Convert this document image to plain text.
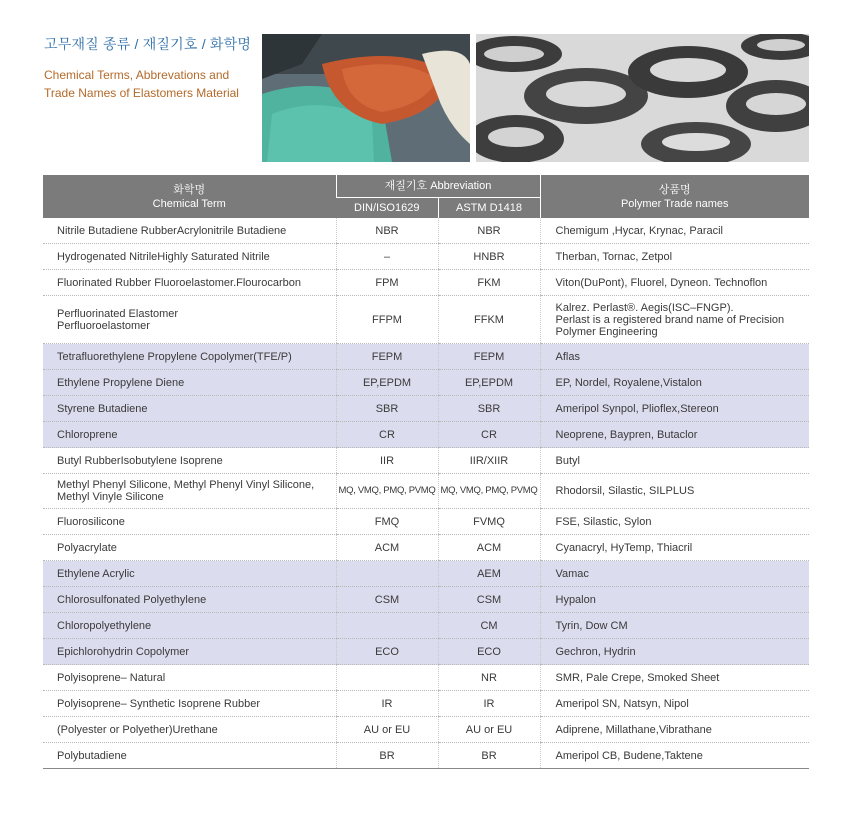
고무재질 종류 / 재질기호 / 화학명
Chemical Terms, Abbrevations and
Trade Names of Elastomers Material
화학명
Chemical Term	재질기호 Abbreviation		상품명
Polymer Trade names

	DIN/ISO1629	ASTM D1418	
Nitrile Butadiene RubberAcrylonitrile Butadiene	NBR	NBR	Chemigum ,Hycar, Krynac, Paracil
Hydrogenated NitrileHighly Saturated Nitrile	–	HNBR	Therban, Tornac, Zetpol
Fluorinated Rubber Fluoroelastomer.Flourocarbon	FPM	FKM	Viton(DuPont), Fluorel, Dyneon. Technoflon

Perfluorinated Elastomer
Perfluoroelastomer	FFPM	FFKM	Kalrez. Perlast®. Aegis(ISC–FNGP).
Perlast is a registered brand name of Precision
Polymer Engineering

Tetrafluorethylene Propylene Copolymer(TFE/P)	FEPM	FEPM	Aflas
Ethylene Propylene Diene	EP,EPDM	EP,EPDM	EP, Nordel, Royalene,Vistalon
Styrene Butadiene	SBR	SBR	Ameripol Synpol, Plioflex,Stereon
Chloroprene	CR	CR	Neoprene, Baypren, Butaclor
Butyl RubberIsobutylene Isoprene	IIR	IIR/XIIR	Butyl

Methyl Phenyl Silicone, Methyl Phenyl Vinyl Silicone,
Methyl Vinyle Silicone	MQ, VMQ, PMQ, PVMQ	MQ, VMQ, PMQ, PVMQ	Rhodorsil, Silastic, SILPLUS
Fluorosilicone	FMQ	FVMQ	FSE, Silastic, Sylon
Polyacrylate	ACM	ACM	Cyanacryl, HyTemp, Thiacril
Ethylene Acrylic		AEM	Vamac
Chlorosulfonated Polyethylene	CSM	CSM	Hypalon
Chloropolyethylene		CM	Tyrin, Dow CM
Epichlorohydrin Copolymer	ECO	ECO	Gechron, Hydrin
Polyisoprene– Natural		NR	SMR, Pale Crepe, Smoked Sheet
Polyisoprene– Synthetic Isoprene Rubber	IR	IR	Ameripol SN, Natsyn, Nipol
(Polyester or Polyether)Urethane	AU or EU	AU or EU	Adiprene, Millathane,Vibrathane
Polybutadiene	BR	BR	Ameripol CB, Budene,Taktene
